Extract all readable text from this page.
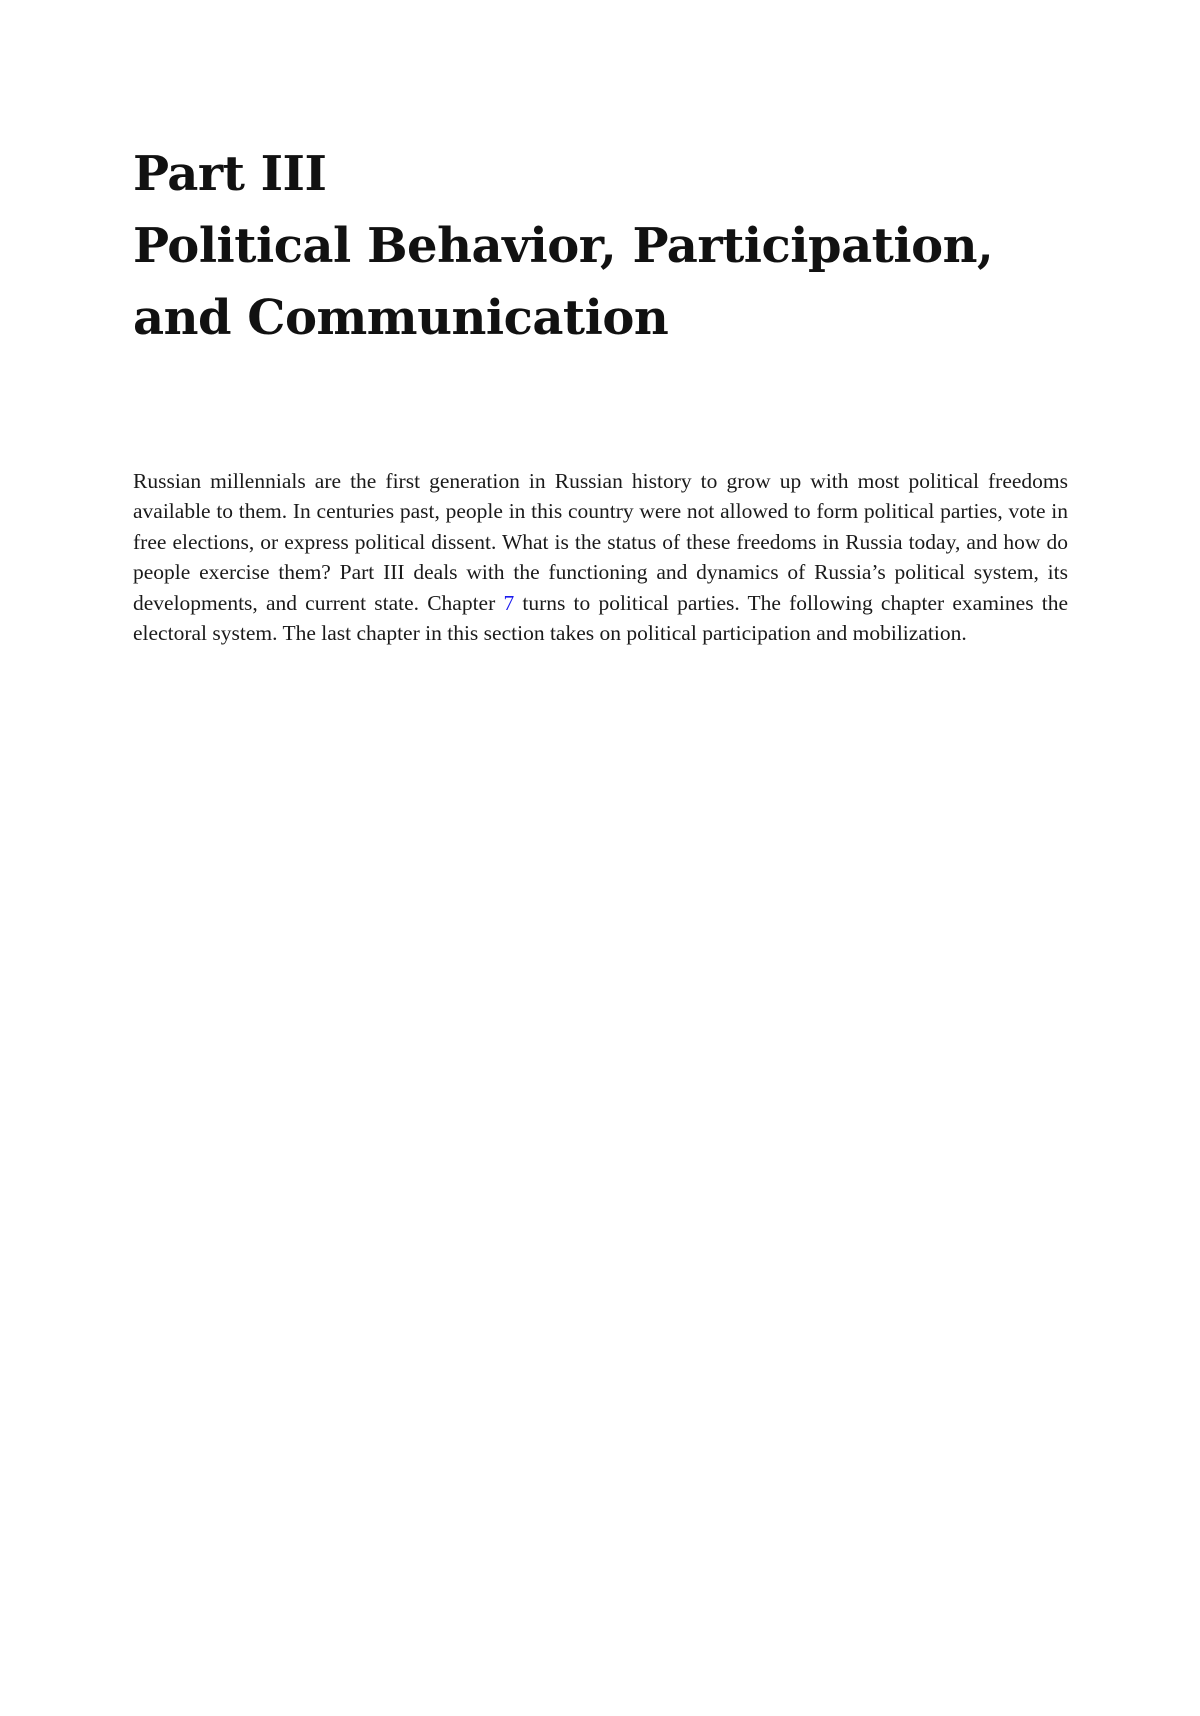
Part III
Political Behavior, Participation,
and Communication

Russian millennials are the first generation in Russian history to grow up with most political freedoms available to them. In centuries past, people in this country were not allowed to form political parties, vote in free elections, or express political dissent. What is the status of these freedoms in Russia today, and how do people exercise them? Part III deals with the functioning and dynamics of Russia’s political system, its developments, and current state. Chapter 7 turns to political parties. The following chapter examines the electoral system. The last chapter in this section takes on political participation and mobilization.
